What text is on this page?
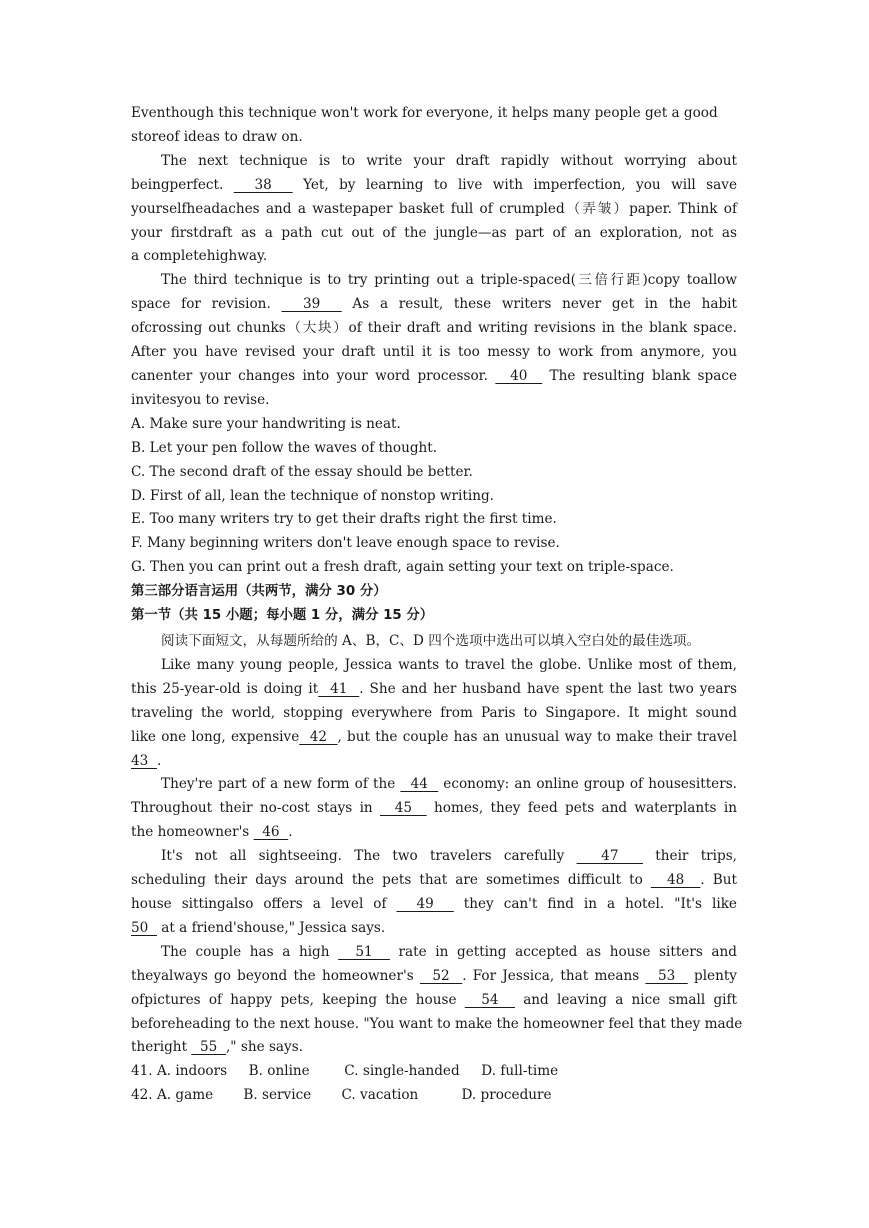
Eventhough this technique won't work for everyone, it helps many people get a good
storeof ideas to draw on.
The next technique is to write your draft rapidly without worrying about
beingperfect.   38   Yet, by learning to live with imperfection, you will save
yourselfheadaches and a wastepaper basket full of crumpled（弄皱）paper. Think of
your firstdraft as a path cut out of the jungle—as part of an exploration, not as
a completehighway.
The third technique is to try printing out a triple-spaced(三倍行距)copy toallow
space for revision.   39   As a result, these writers never get in the habit
ofcrossing out chunks（大块）of their draft and writing revisions in the blank space.
After you have revised your draft until it is too messy to work from anymore, you
canenter your changes into your word processor.   40   The resulting blank space
invitesyou to revise.
A. Make sure your handwriting is neat.
B. Let your pen follow the waves of thought.
C. The second draft of the essay should be better.
D. First of all, lean the technique of nonstop writing.
E. Too many writers try to get their drafts right the first time.
F. Many beginning writers don't leave enough space to revise.
G. Then you can print out a fresh draft, again setting your text on triple-space.
第三部分语言运用（共两节，满分 30 分）
第一节（共 15 小题；每小题 1 分，满分 15 分）
阅读下面短文，从每题所给的 A、B，C、D 四个选项中选出可以填入空白处的最佳选项。
Like many young people, Jessica wants to travel the globe. Unlike most of them,
this 25-year-old is doing it  41  . She and her husband have spent the last two years
traveling the world, stopping everywhere from Paris to Singapore. It might sound
like one long, expensive  42  , but the couple has an unusual way to make their travel
43  .
They're part of a new form of the   44   economy: an online group of housesitters.
Throughout their no-cost stays in   45   homes, they feed pets and waterplants in
the homeowner's   46  .
It's not all sightseeing. The two travelers carefully   47   their trips,
scheduling their days around the pets that are sometimes difficult to   48  . But
house sittingalso offers a level of   49   they can't find in a hotel. "It's like
50   at a friend'shouse," Jessica says.
The couple has a high   51   rate in getting accepted as house sitters and
theyalways go beyond the homeowner's   52  . For Jessica, that means   53   plenty
ofpictures of happy pets, keeping the house   54   and leaving a nice small gift
beforeheading to the next house. "You want to make the homeowner feel that they made
theright   55  ," she says.
41. A. indoors     B. online        C. single-handed     D. full-time
42. A. game       B. service       C. vacation          D. procedure
